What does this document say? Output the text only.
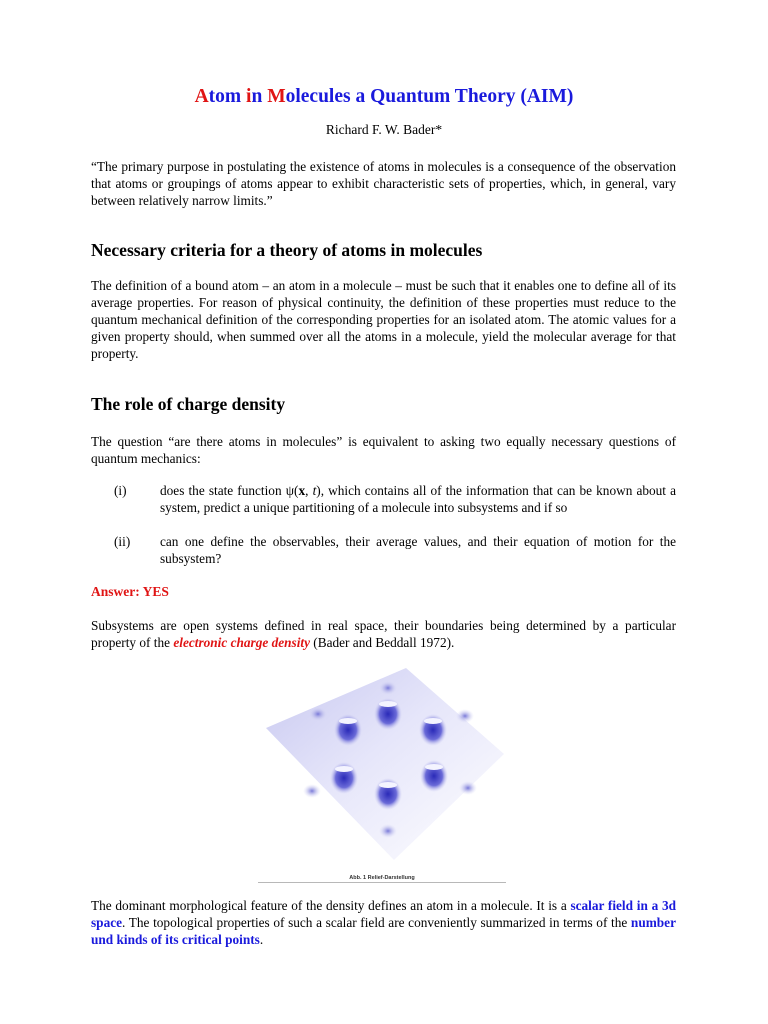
Atom in Molecules a Quantum Theory (AIM)
Richard F. W. Bader*

“The primary purpose in postulating the existence of atoms in molecules is a consequence of the observation that atoms or groupings of atoms appear to exhibit characteristic sets of properties, which, in general, vary between relatively narrow limits.”

Necessary criteria for a theory of atoms in molecules

The definition of a bound atom – an atom in a molecule – must be such that it enables one to define all of its average properties. For reason of physical continuity, the definition of these properties must reduce to the quantum mechanical definition of the corresponding properties for an isolated atom. The atomic values for a given property should, when summed over all the atoms in a molecule, yield the molecular average for that property.

The role of charge density

The question “are there atoms in molecules” is equivalent to asking two equally necessary questions of quantum mechanics:

(i)	does the state function ψ(x, t), which contains all of the information that can be known about a system, predict a unique partitioning of a molecule into subsystems and if so
(ii) can one define the observables, their average values, and their equation of motion for the subsystem?
Answer: YES

Subsystems are open systems defined in real space, their boundaries being determined by a particular property of the electronic charge density (Bader and Beddall 1972).

Abb. 1 Relief-Darstellung

The dominant morphological feature of the density defines an atom in a molecule. It is a scalar field in a 3d space. The topological properties of such a scalar field are conveniently summarized in terms of the number und kinds of its critical points.
